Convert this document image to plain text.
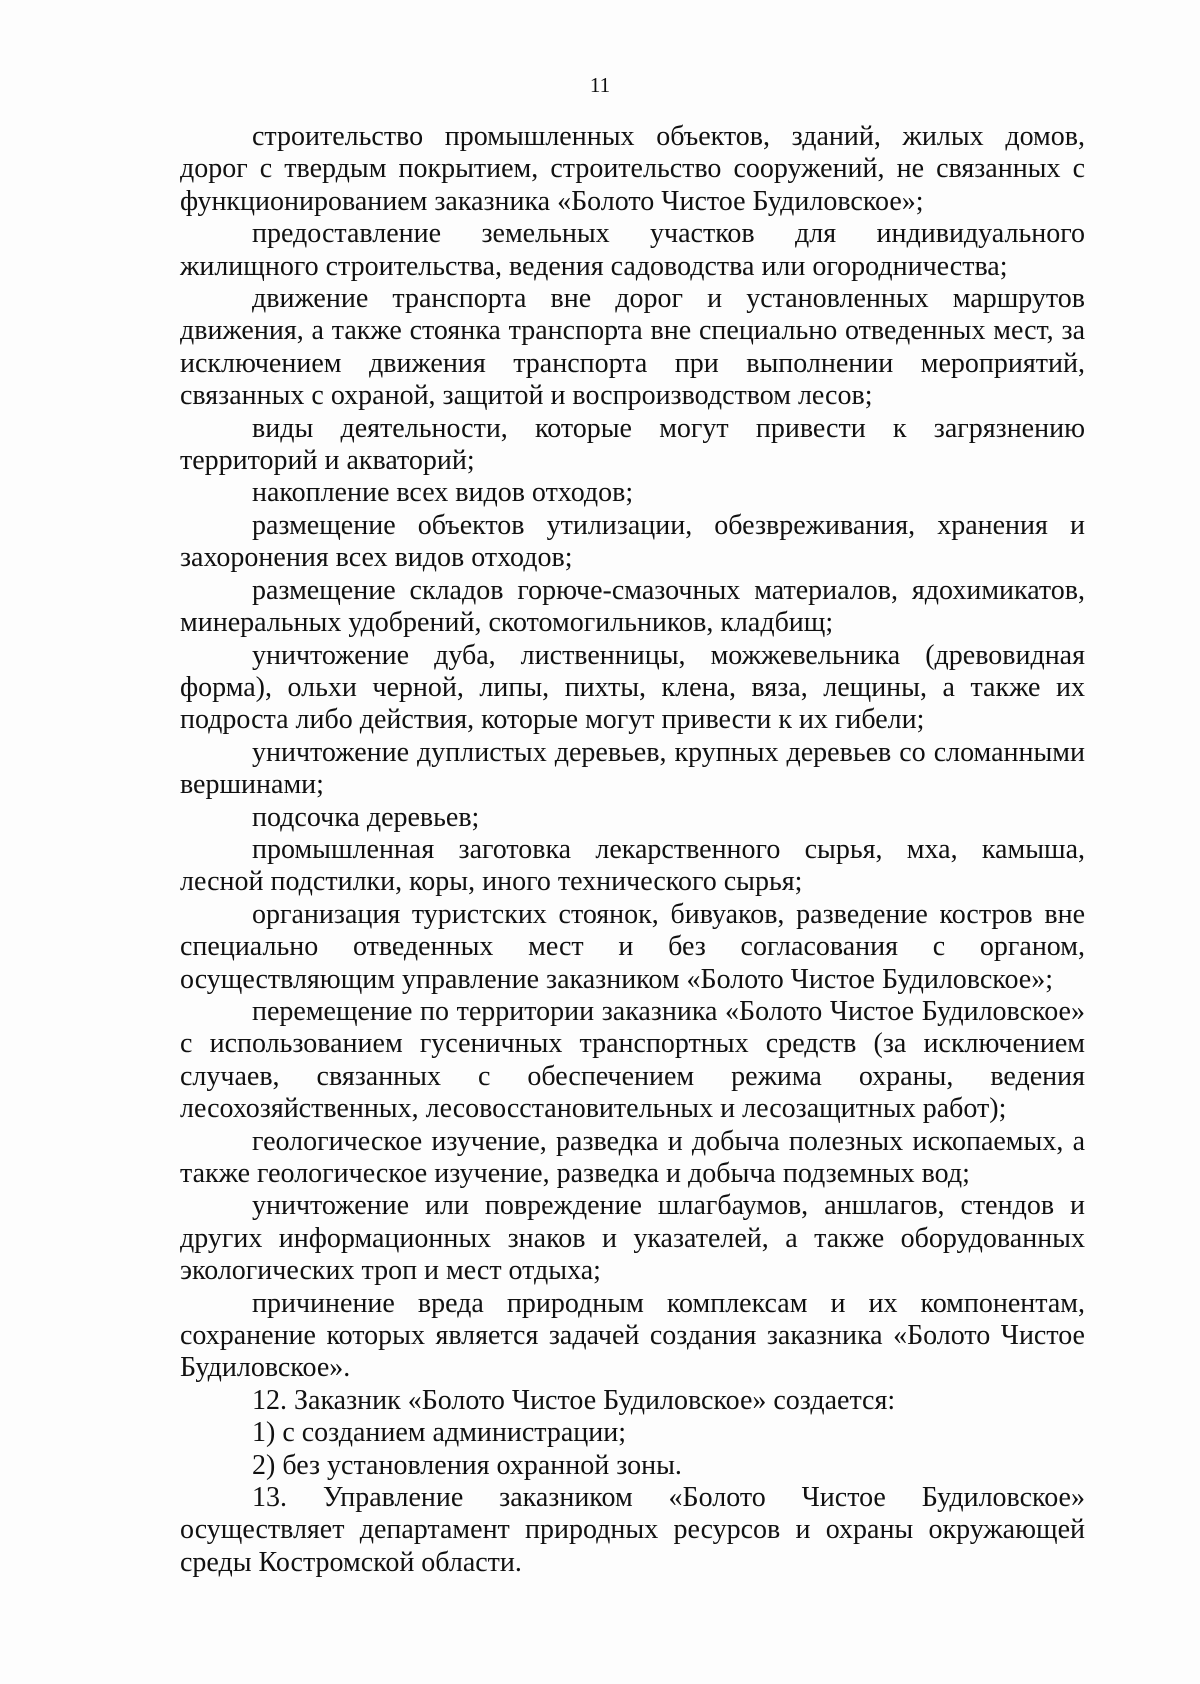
11

строительство промышленных объектов, зданий, жилых домов, дорог с твердым покрытием, строительство сооружений, не связанных с функционированием заказника «Болото Чистое Будиловское»;

предоставление земельных участков для индивидуального жилищного строительства, ведения садоводства или огородничества;

движение транспорта вне дорог и установленных маршрутов движения, а также стоянка транспорта вне специально отведенных мест, за исключением движения транспорта при выполнении мероприятий, связанных с охраной, защитой и воспроизводством лесов;

виды деятельности, которые могут привести к загрязнению территорий и акваторий;

накопление всех видов отходов;

размещение объектов утилизации, обезвреживания, хранения и захоронения всех видов отходов;

размещение складов горюче-смазочных материалов, ядохимикатов, минеральных удобрений, скотомогильников, кладбищ;

уничтожение дуба, лиственницы, можжевельника (древовидная форма), ольхи черной, липы, пихты, клена, вяза, лещины, а также их подроста либо действия, которые могут привести к их гибели;

уничтожение дуплистых деревьев, крупных деревьев со сломанными вершинами;

подсочка деревьев;

промышленная заготовка лекарственного сырья, мха, камыша, лесной подстилки, коры, иного технического сырья;

организация туристских стоянок, бивуаков, разведение костров вне специально отведенных мест и без согласования с органом, осуществляющим управление заказником «Болото Чистое Будиловское»;

перемещение по территории заказника «Болото Чистое Будиловское» с использованием гусеничных транспортных средств (за исключением случаев, связанных с обеспечением режима охраны, ведения лесохозяйственных, лесовосстановительных и лесозащитных работ);

геологическое изучение, разведка и добыча полезных ископаемых, а также геологическое изучение, разведка и добыча подземных вод;

уничтожение или повреждение шлагбаумов, аншлагов, стендов и других информационных знаков и указателей, а также оборудованных экологических троп и мест отдыха;

причинение вреда природным комплексам и их компонентам, сохранение которых является задачей создания заказника «Болото Чистое Будиловское».

12. Заказник «Болото Чистое Будиловское» создается:

1) с созданием администрации;

2) без установления охранной зоны.

13. Управление заказником «Болото Чистое Будиловское» осуществляет департамент природных ресурсов и охраны окружающей среды Костромской области.
